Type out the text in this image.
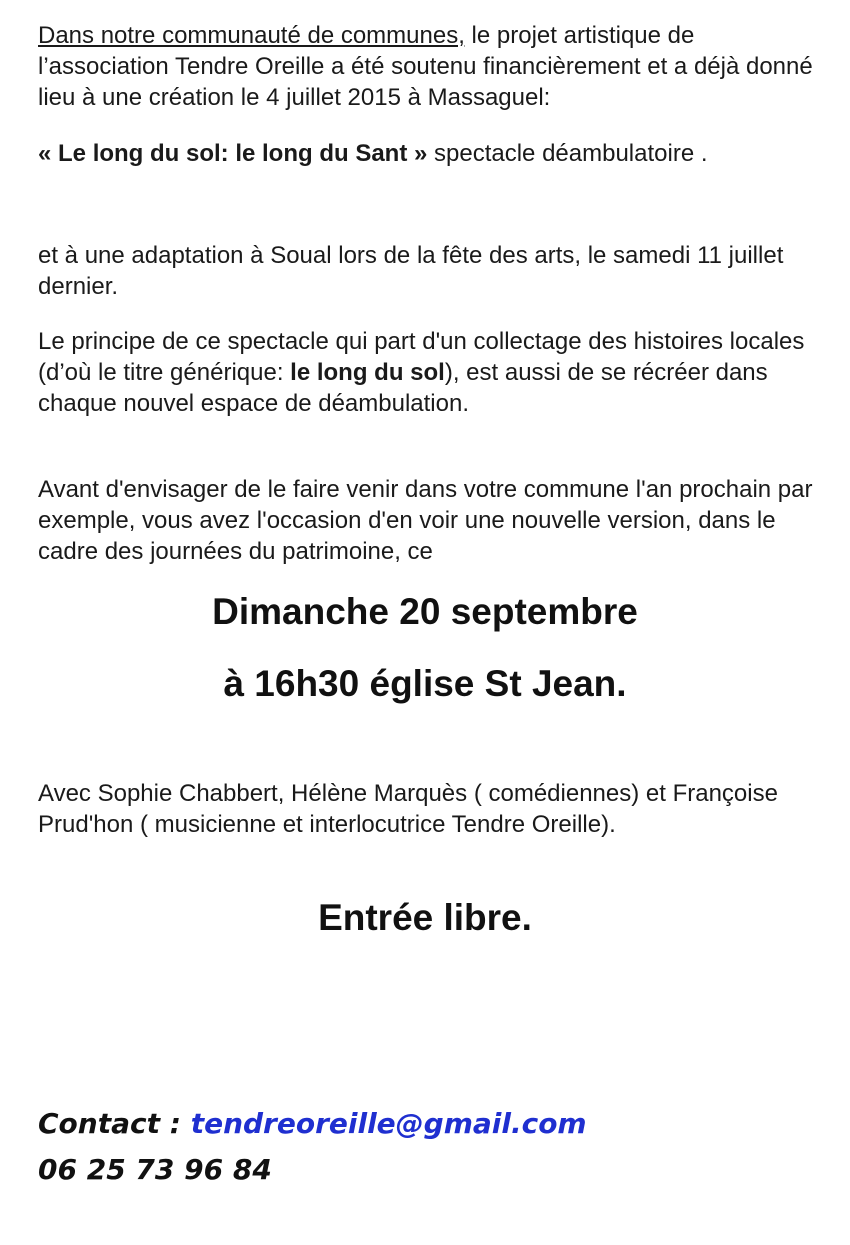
Dans notre communauté de communes, le projet artistique de l’association Tendre Oreille a été soutenu financièrement et a déjà donné lieu à une création le 4 juillet 2015 à Massaguel:

« Le long du sol: le long du Sant » spectacle déambulatoire .

et à une adaptation à Soual lors de la fête des arts, le samedi 11 juillet dernier.

Le principe de ce spectacle qui part d'un collectage des histoires locales (d’où le titre générique: le long du sol), est aussi de se récréer dans chaque nouvel espace de déambulation.

Avant d'envisager de le faire venir dans votre commune l'an prochain par exemple, vous avez l'occasion d'en voir une nouvelle version, dans le cadre des journées du patrimoine, ce

Dimanche 20 septembre

à 16h30 église St Jean.

Avec Sophie Chabbert, Hélène Marquès ( comédiennes) et Françoise Prud'hon ( musicienne et interlocutrice Tendre Oreille).

Entrée libre.

Contact : tendreoreille@gmail.com

06 25 73 96 84
